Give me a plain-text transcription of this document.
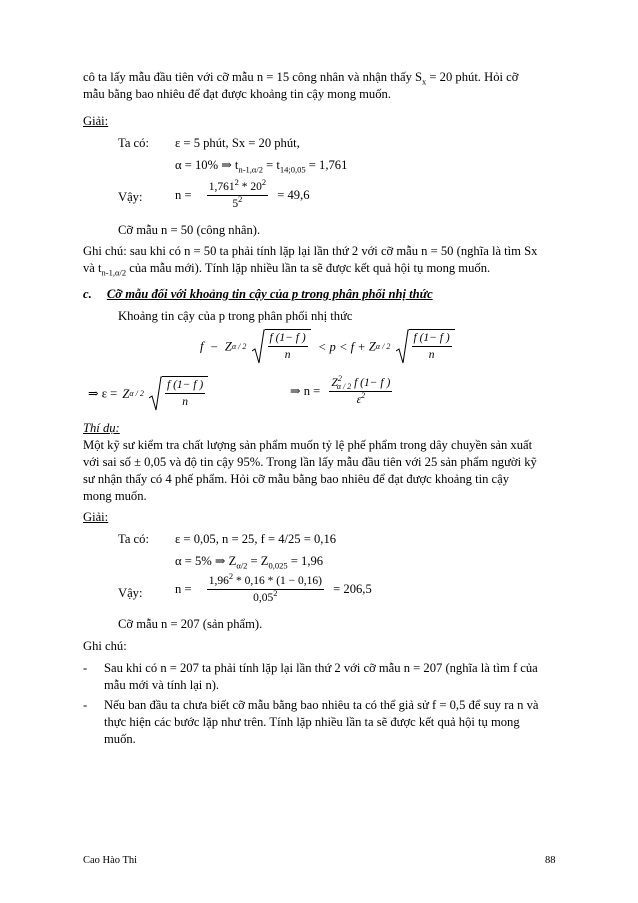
cô ta lấy mẫu đầu tiên với cỡ mẫu n = 15 công nhân và nhận thấy $S_x = 20$ phút. Hỏi cỡ
mẫu bằng bao nhiêu để đạt được khoảng tin cậy mong muốn.
Giải:
Ta có: ε = 5 phút, Sx = 20 phút,
α = 10% ⇒ $t_{n-1,\alpha/2} = t_{14;0,05} = 1,761$
Vậy:	$n = \frac{1,761^2 * 20^2}{5^2} = 49,6$
Cỡ mẫu n = 50 (công nhân).
Ghi chú: sau khi có n = 50 ta phải tính lặp lại lần thứ 2 với cỡ mẫu n = 50 (nghĩa là tìm Sx
và $t_{n-1,\alpha/2}$ của mẫu mới). Tính lặp nhiều lần ta sẽ được kết quả hội tụ mong muốn.
c. Cỡ mẫu đối với khoảng tin cậy của p trong phân phối nhị thức
Khoảng tin cậy của p trong phân phối nhị thức
$f - Z\alpha / 2 \frac{f (1- f )}{n} < p < f + Z\alpha / 2 \frac{f (1- f )}{n}$
⇒ $\varepsilon = Z\alpha / 2 \frac{f (1- f )}{n}$	⇒ $n = \frac{Z^2_{\alpha / 2} f (1- f )}{\varepsilon^2}$
Thí dụ:
Một kỹ sư kiểm tra chất lượng sản phẩm muốn tỷ lệ phế phẩm trong dây chuyền sản xuất
với sai số ± 0,05 và độ tin cậy 95%. Trong lần lấy mẫu đầu tiên với 25 sản phẩm người kỹ
sư nhận thấy có 4 phế phẩm. Hỏi cỡ mẫu bằng bao nhiêu để đạt được khoảng tin cậy
mong muốn.
Giải:
Ta có: ε = 0,05, n = 25, f = 4/25 = 0,16
α = 5% ⇒ $Z_{\alpha/2} = Z_{0,025} = 1,96$
Vậy:	$n = \frac{1,96^2 * 0,16 * (1 - 0,16)}{0,05^2} = 206,5$
Cỡ mẫu n = 207 (sản phẩm).
Ghi chú:
- Sau khi có n = 207 ta phải tính lặp lại lần thứ 2 với cỡ mẫu n = 207 (nghĩa là tìm f của
mẫu mới và tính lại n).
- Nếu ban đầu ta chưa biết cỡ mẫu bằng bao nhiêu ta có thể giả sử f = 0,5 để suy ra n và
thực hiện các bước lặp như trên. Tính lặp nhiều lần ta sẽ được kết quả hội tụ mong
muốn.
Cao Hào Thi	88
